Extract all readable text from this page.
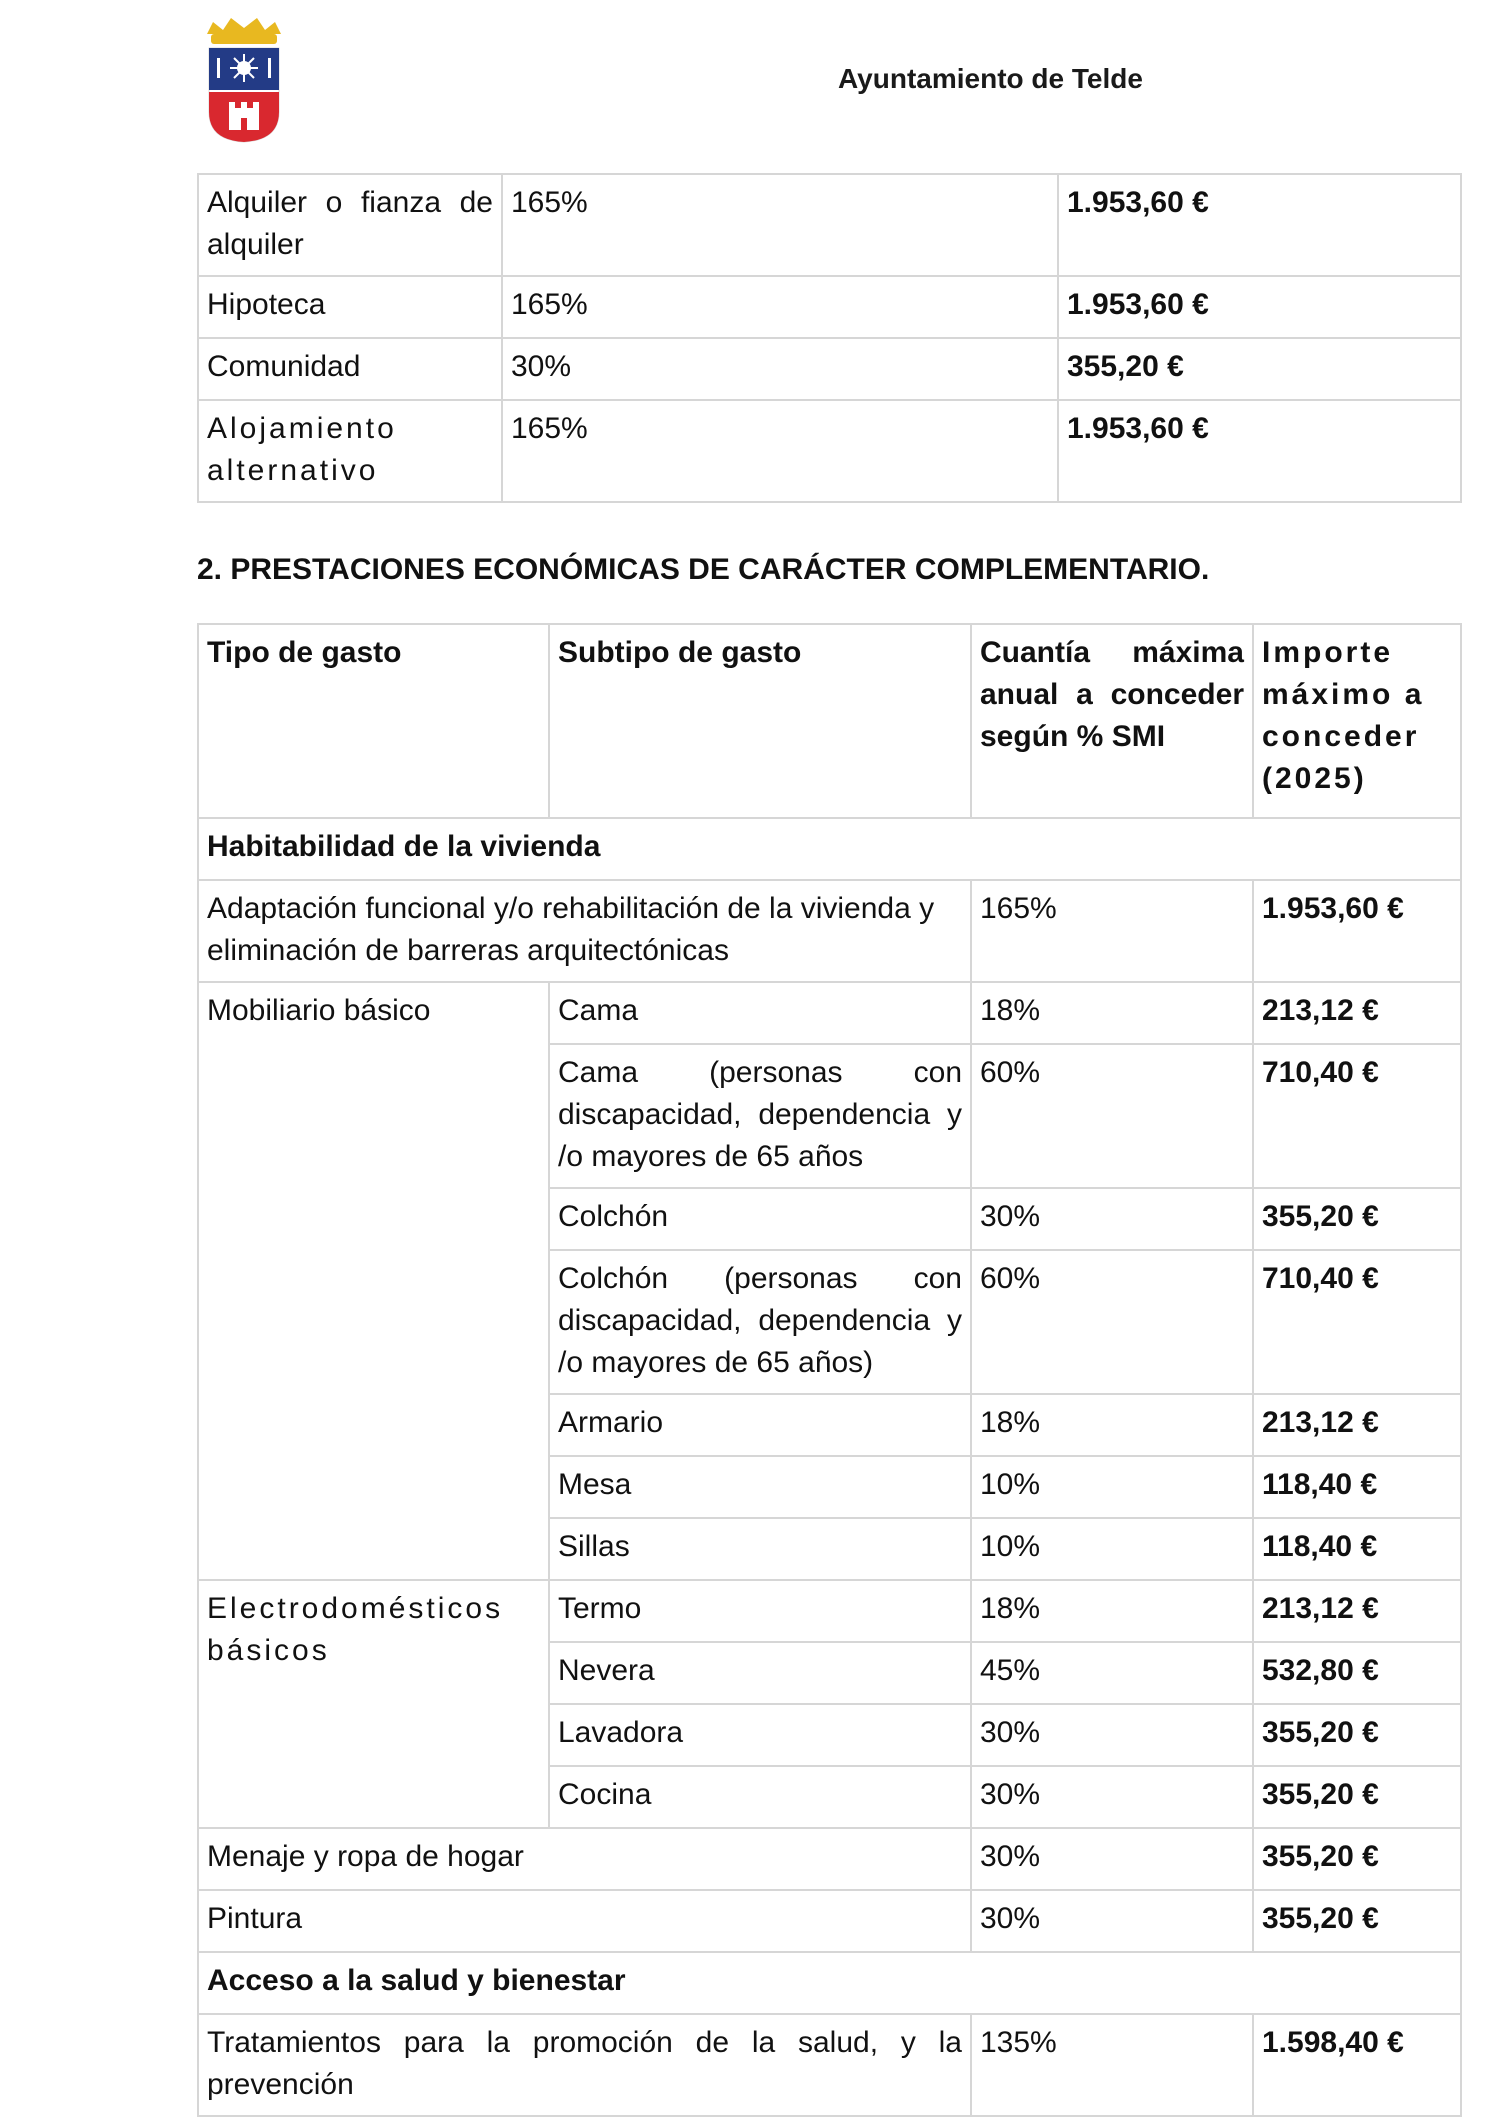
Ayuntamiento de Telde
Alquiler o fianza de alquiler	165%	1.953,60 €
Hipoteca	165%	1.953,60 €
Comunidad	30%	355,20 €
Alojamiento alternativo	165%	1.953,60 €
2. PRESTACIONES ECONÓMICAS DE CARÁCTER COMPLEMENTARIO.
Tipo de gasto	Subtipo de gasto	Cuantía máxima anual a conceder según % SMI	Importe máximo a conceder (2025)
Habitabilidad de la vivienda			
Adaptación funcional y/o rehabilitación de la vivienda y eliminación de barreras arquitectónicas		165%	1.953,60 €
Mobiliario básico	Cama	18%	213,12 €
	Cama (personas con discapacidad, dependencia y /o mayores de 65 años	60%	710,40 €
	Colchón	30%	355,20 €
	Colchón (personas con discapacidad, dependencia y /o mayores de 65 años)	60%	710,40 €
	Armario	18%	213,12 €
	Mesa	10%	118,40 €
	Sillas	10%	118,40 €
Electrodomésticos básicos	Termo	18%	213,12 €
	Nevera	45%	532,80 €
	Lavadora	30%	355,20 €
	Cocina	30%	355,20 €
Menaje y ropa de hogar		30%	355,20 €
Pintura		30%	355,20 €
Acceso a la salud y bienestar			
Tratamientos para la promoción de la salud, y la prevención		135%	1.598,40 €
